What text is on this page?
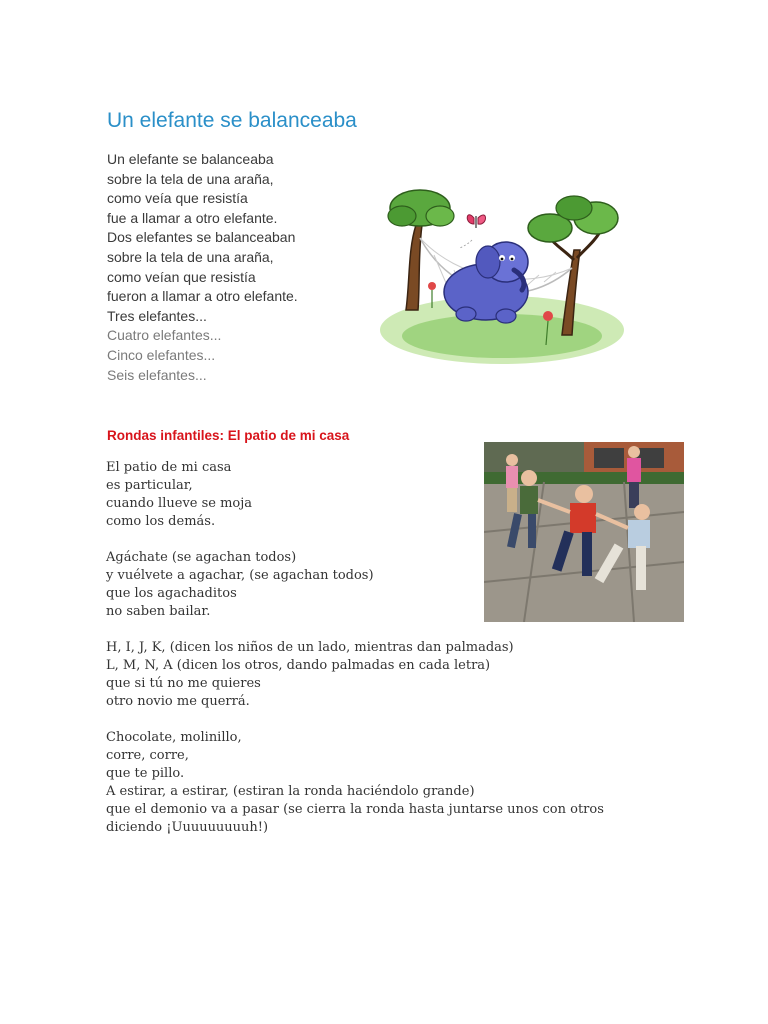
Un elefante se balanceaba
Un elefante se balanceaba
sobre la tela de una araña,
como veía que resistía
fue a llamar a otro elefante.
Dos elefantes se balanceaban
sobre la tela de una araña,
como veían que resistía
fueron a llamar a otro elefante.
Tres elefantes...
Cuatro elefantes...
Cinco elefantes...
Seis elefantes...
Rondas infantiles: El patio de mi casa
El patio de mi casa
es particular,
cuando llueve se moja
como los demás.
Agáchate (se agachan todos)
y vuélvete a agachar, (se agachan todos)
que los agachaditos
no saben bailar.
H, I, J, K, (dicen los niños de un lado, mientras dan palmadas)
L, M, N, A (dicen los otros, dando palmadas en cada letra)
que si tú no me quieres
otro novio me querrá.
Chocolate, molinillo,
corre, corre,
que te pillo.
A estirar, a estirar, (estiran la ronda haciéndolo grande)
que el demonio va a pasar (se cierra la ronda hasta juntarse unos con otros
diciendo ¡Uuuuuuuuuh!)
